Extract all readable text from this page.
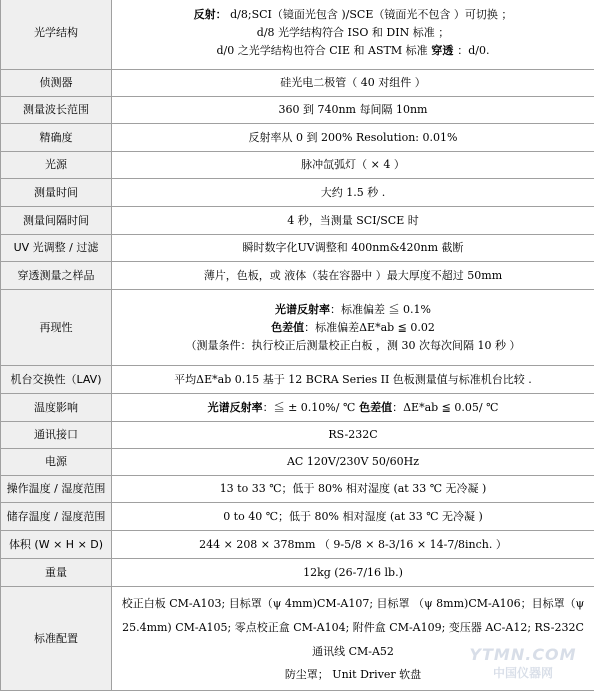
光学结构	反射： d/8;SCI（镜面光包含 )/SCE（镜面光不包含 ）可切换 ；
d/8 光学结构符合 ISO 和 DIN 标准 ；
d/0 之光学结构也符合 CIE 和 ASTM 标准 穿透 ：d/0.

侦测器	硅光电二极管（ 40 对组件 ）
测量波长范围	360 到 740nm 每间隔 10nm
精确度	反射率从 0 到 200% Resolution: 0.01%
光源	脉冲氙弧灯（ × 4 ）
测量时间	大约 1.5 秒 .
测量间隔时间	4 秒，当测量 SCI/SCE 时
UV 光调整 / 过滤	瞬时数字化UV调整和 400nm&420nm 截断
穿透测量之样品	薄片，色板，或 液体（装在容器中 ）最大厚度不超过 50mm
再现性	光谱反射率：标准偏差 ≦ 0.1%
色差值：标准偏差ΔE*ab ≦ 0.02
（测量条件：执行校正后测量校正白板 ，测 30 次每次间隔 10 秒 ）

机台交换性（LAV)	平均ΔE*ab 0.15 基于 12 BCRA Series II 色板测量值与标准机台比较 .
温度影响	光谱反射率：≦ ± 0.10%/ ℃ 色差值：ΔE*ab ≦ 0.05/ ℃

通讯接口	RS-232C
电源	AC 120V/230V 50/60Hz
操作温度 / 湿度范围	13 to 33 ℃；低于 80% 相对湿度 (at 33 ℃ 无冷凝 )
储存温度 / 湿度范围	0 to 40 ℃；低于 80% 相对湿度 (at 33 ℃ 无冷凝 )
体积 (W × H × D)	244 × 208 × 378mm （ 9-5/8 × 8-3/16 × 14-7/8inch. ）
重量	12kg (26-7/16 lb.)
标准配置	校正白板 CM-A103; 目标罩（ψ 4mm)CM-A107; 目标罩 （ψ 8mm)CM-A106；目标罩（ψ 25.4mm) CM-A105; 零点校正盒 CM-A104; 附件盒 CM-A109; 变压器 AC-A12; RS-232C 通讯线 CM-A52
防尘罩； Unit Driver 软盘
YTMN.COM
中国仪器网
